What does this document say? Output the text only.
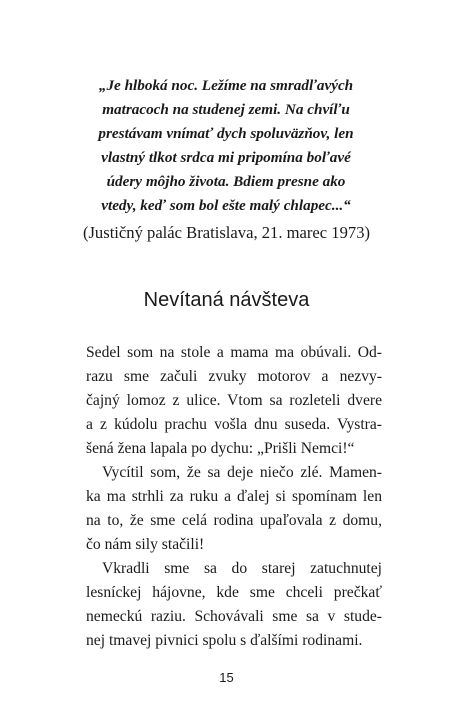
„Je hlboká noc. Ležíme na smradľavých
matracoch na studenej zemi. Na chvíľu
prestávam vnímať dych spoluväzňov, len
vlastný tlkot srdca mi pripomína boľavé
údery môjho života. Bdiem presne ako
vtedy, keď som bol ešte malý chlapec...“
(Justičný palác Bratislava, 21. marec 1973)
Nevítaná návšteva
Sedel som na stole a mama ma obúvali. Od-
razu sme začuli zvuky motorov a nezvy-
čajný lomoz z ulice. Vtom sa rozleteli dvere
a z kúdolu prachu vošla dnu suseda. Vystra-
šená žena lapala po dychu: „Prišli Nemci!“
Vycítil som, že sa deje niečo zlé. Mamen-
ka ma strhli za ruku a ďalej si spomínam len
na to, že sme celá rodina upaľovala z domu,
čo nám sily stačili!
Vkradli sme sa do starej zatuchnutej
lesníckej hájovne, kde sme chceli prečkať
nemeckú raziu. Schovávali sme sa v stude-
nej tmavej pivnici spolu s ďalšími rodinami.
15
